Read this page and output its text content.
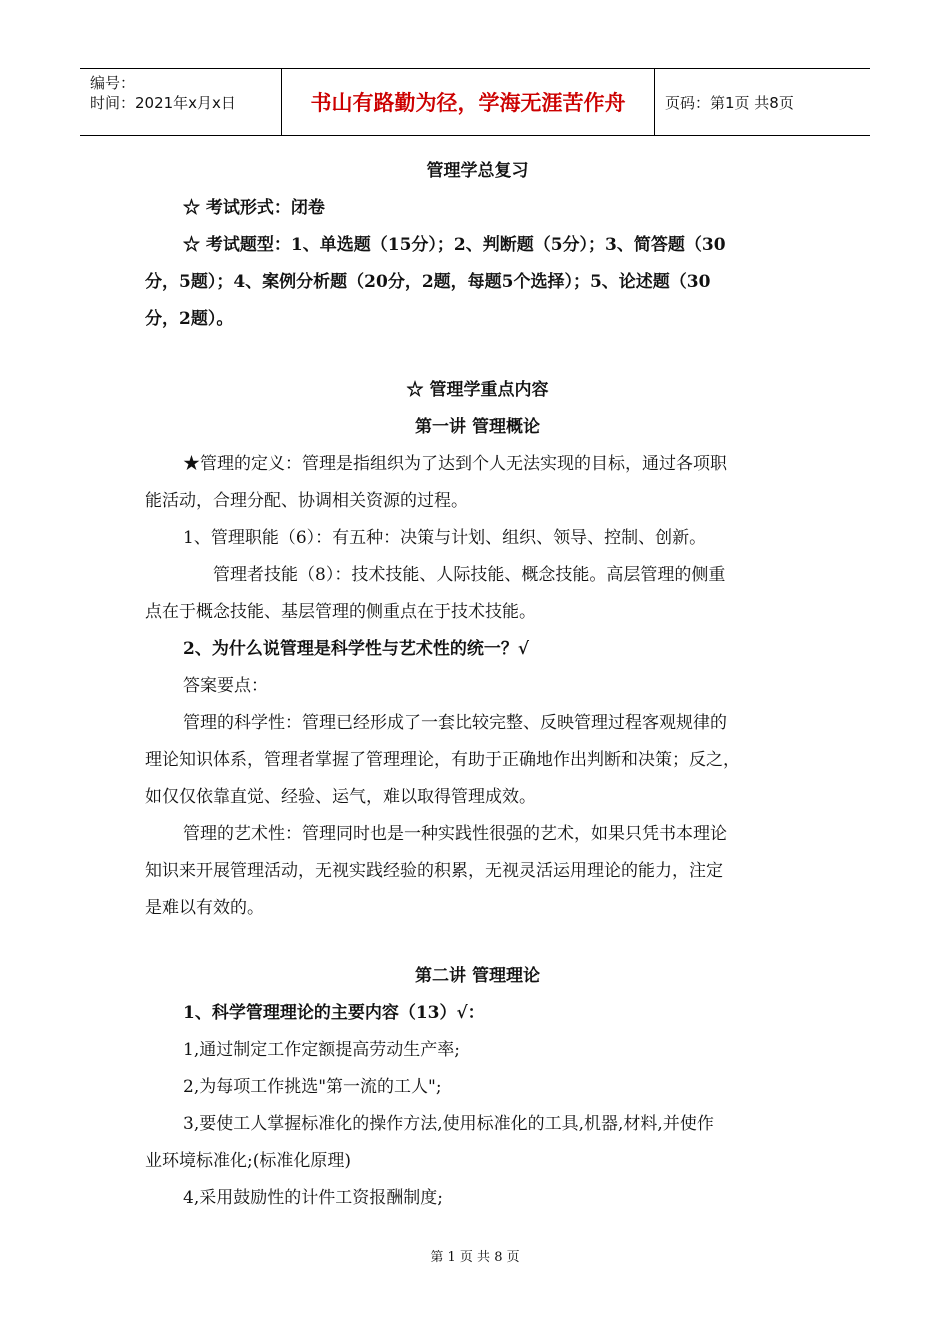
编号：
时间：2021年x月x日	书山有路勤为径，学海无涯苦作舟	页码：第1页 共8页
管理学总复习
☆ 考试形式：闭卷
☆ 考试题型：1、单选题（15分）；2、判断题（5分）；3、简答题（30
分，5题）；4、案例分析题（20分，2题，每题5个选择）；5、论述题（30
分，2题）。
☆ 管理学重点内容
第一讲 管理概论
★管理的定义：管理是指组织为了达到个人无法实现的目标，通过各项职
能活动，合理分配、协调相关资源的过程。
1、管理职能（6）：有五种：决策与计划、组织、领导、控制、创新。
管理者技能（8）：技术技能、人际技能、概念技能。高层管理的侧重
点在于概念技能、基层管理的侧重点在于技术技能。
2、为什么说管理是科学性与艺术性的统一？√
答案要点：
管理的科学性：管理已经形成了一套比较完整、反映管理过程客观规律的
理论知识体系，管理者掌握了管理理论，有助于正确地作出判断和决策；反之，
如仅仅依靠直觉、经验、运气，难以取得管理成效。
管理的艺术性：管理同时也是一种实践性很强的艺术，如果只凭书本理论
知识来开展管理活动，无视实践经验的积累，无视灵活运用理论的能力，注定
是难以有效的。
第二讲 管理理论
1、科学管理理论的主要内容（13）√：
1,通过制定工作定额提高劳动生产率;
2,为每项工作挑选"第一流的工人";
3,要使工人掌握标准化的操作方法,使用标准化的工具,机器,材料,并使作
业环境标准化;(标准化原理)
4,采用鼓励性的计件工资报酬制度;
第 1 页 共 8 页
